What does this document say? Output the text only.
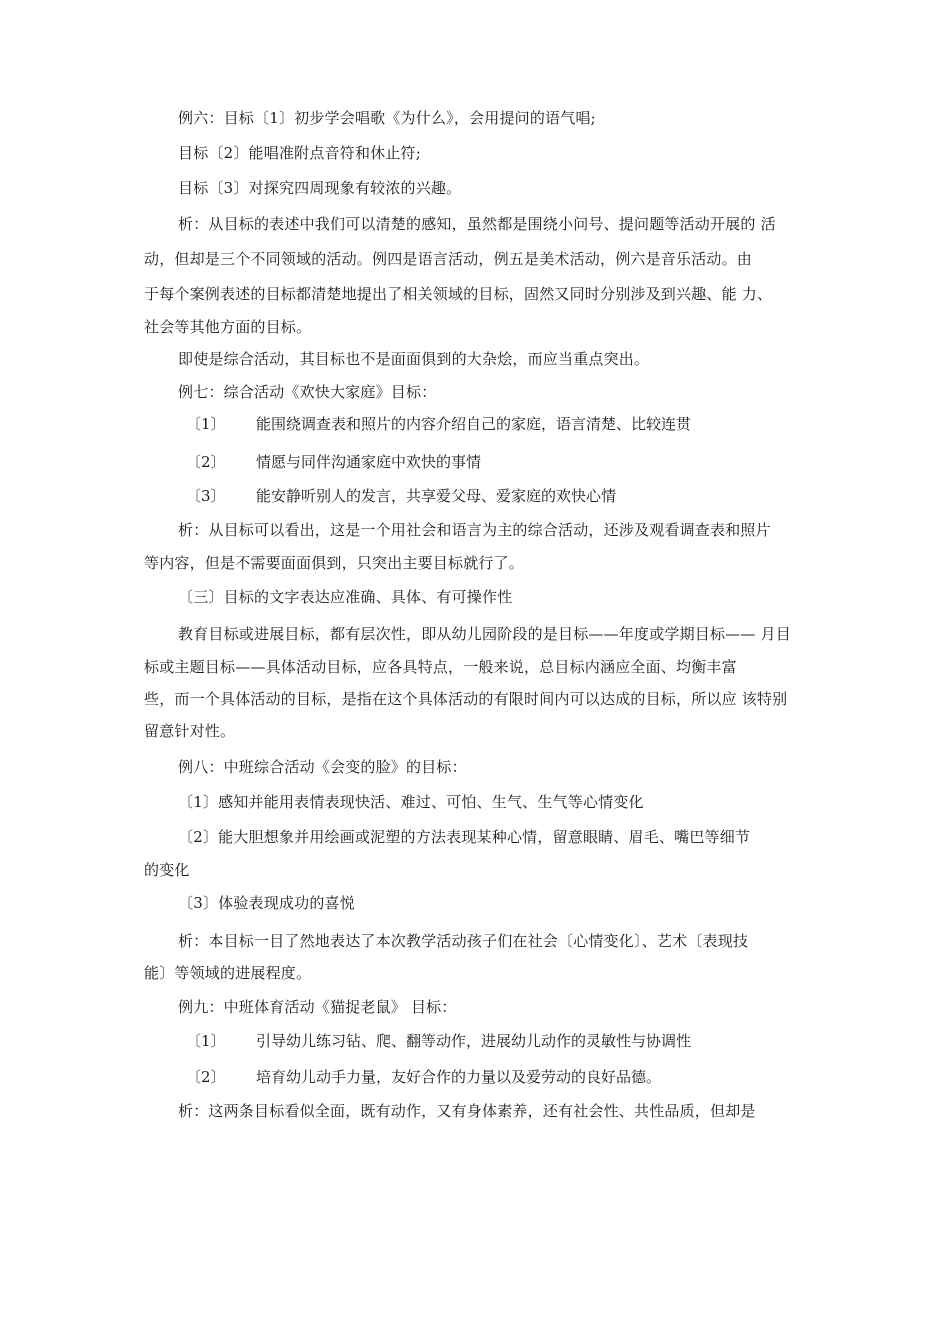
例六：目标〔1〕初步学会唱歌《为什么》，会用提问的语气唱;
目标〔2〕能唱准附点音符和休止符;
目标〔3〕对探究四周现象有较浓的兴趣。
析：从目标的表述中我们可以清楚的感知，虽然都是围绕小问号、提问题等活动开展的 活
动，但却是三个不同领域的活动。例四是语言活动，例五是美术活动，例六是音乐活动。由
于每个案例表述的目标都清楚地提出了相关领域的目标，固然又同时分别涉及到兴趣、能 力、
社会等其他方面的目标。
即使是综合活动，其目标也不是面面俱到的大杂烩，而应当重点突出。
例七：综合活动《欢快大家庭》目标：
〔1〕 能围绕调查表和照片的内容介绍自己的家庭，语言清楚、比较连贯
〔2〕 情愿与同伴沟通家庭中欢快的事情
〔3〕 能安静听别人的发言，共享爱父母、爱家庭的欢快心情
析：从目标可以看出，这是一个用社会和语言为主的综合活动，还涉及观看调查表和照片
等内容，但是不需要面面俱到，只突出主要目标就行了。
〔三〕目标的文字表达应准确、具体、有可操作性
教育目标或进展目标，都有层次性，即从幼儿园阶段的是目标——年度或学期目标—— 月目
标或主题目标——具体活动目标，应各具特点，一般来说，总目标内涵应全面、均衡丰富
些，而一个具体活动的目标，是指在这个具体活动的有限时间内可以达成的目标，所以应 该特别
留意针对性。
例八：中班综合活动《会变的脸》的目标：
〔1〕感知并能用表情表现快活、难过、可怕、生气、生气等心情变化
〔2〕能大胆想象并用绘画或泥塑的方法表现某种心情，留意眼睛、眉毛、嘴巴等细节
的变化
〔3〕体验表现成功的喜悦
析：本目标一目了然地表达了本次教学活动孩子们在社会〔心情变化〕、艺术〔表现技
能〕等领域的进展程度。
例九：中班体育活动《猫捉老鼠》 目标：
〔1〕 引导幼儿练习钻、爬、翻等动作，进展幼儿动作的灵敏性与协调性
〔2〕 培育幼儿动手力量，友好合作的力量以及爱劳动的良好品德。
析：这两条目标看似全面，既有动作，又有身体素养，还有社会性、共性品质，但却是
